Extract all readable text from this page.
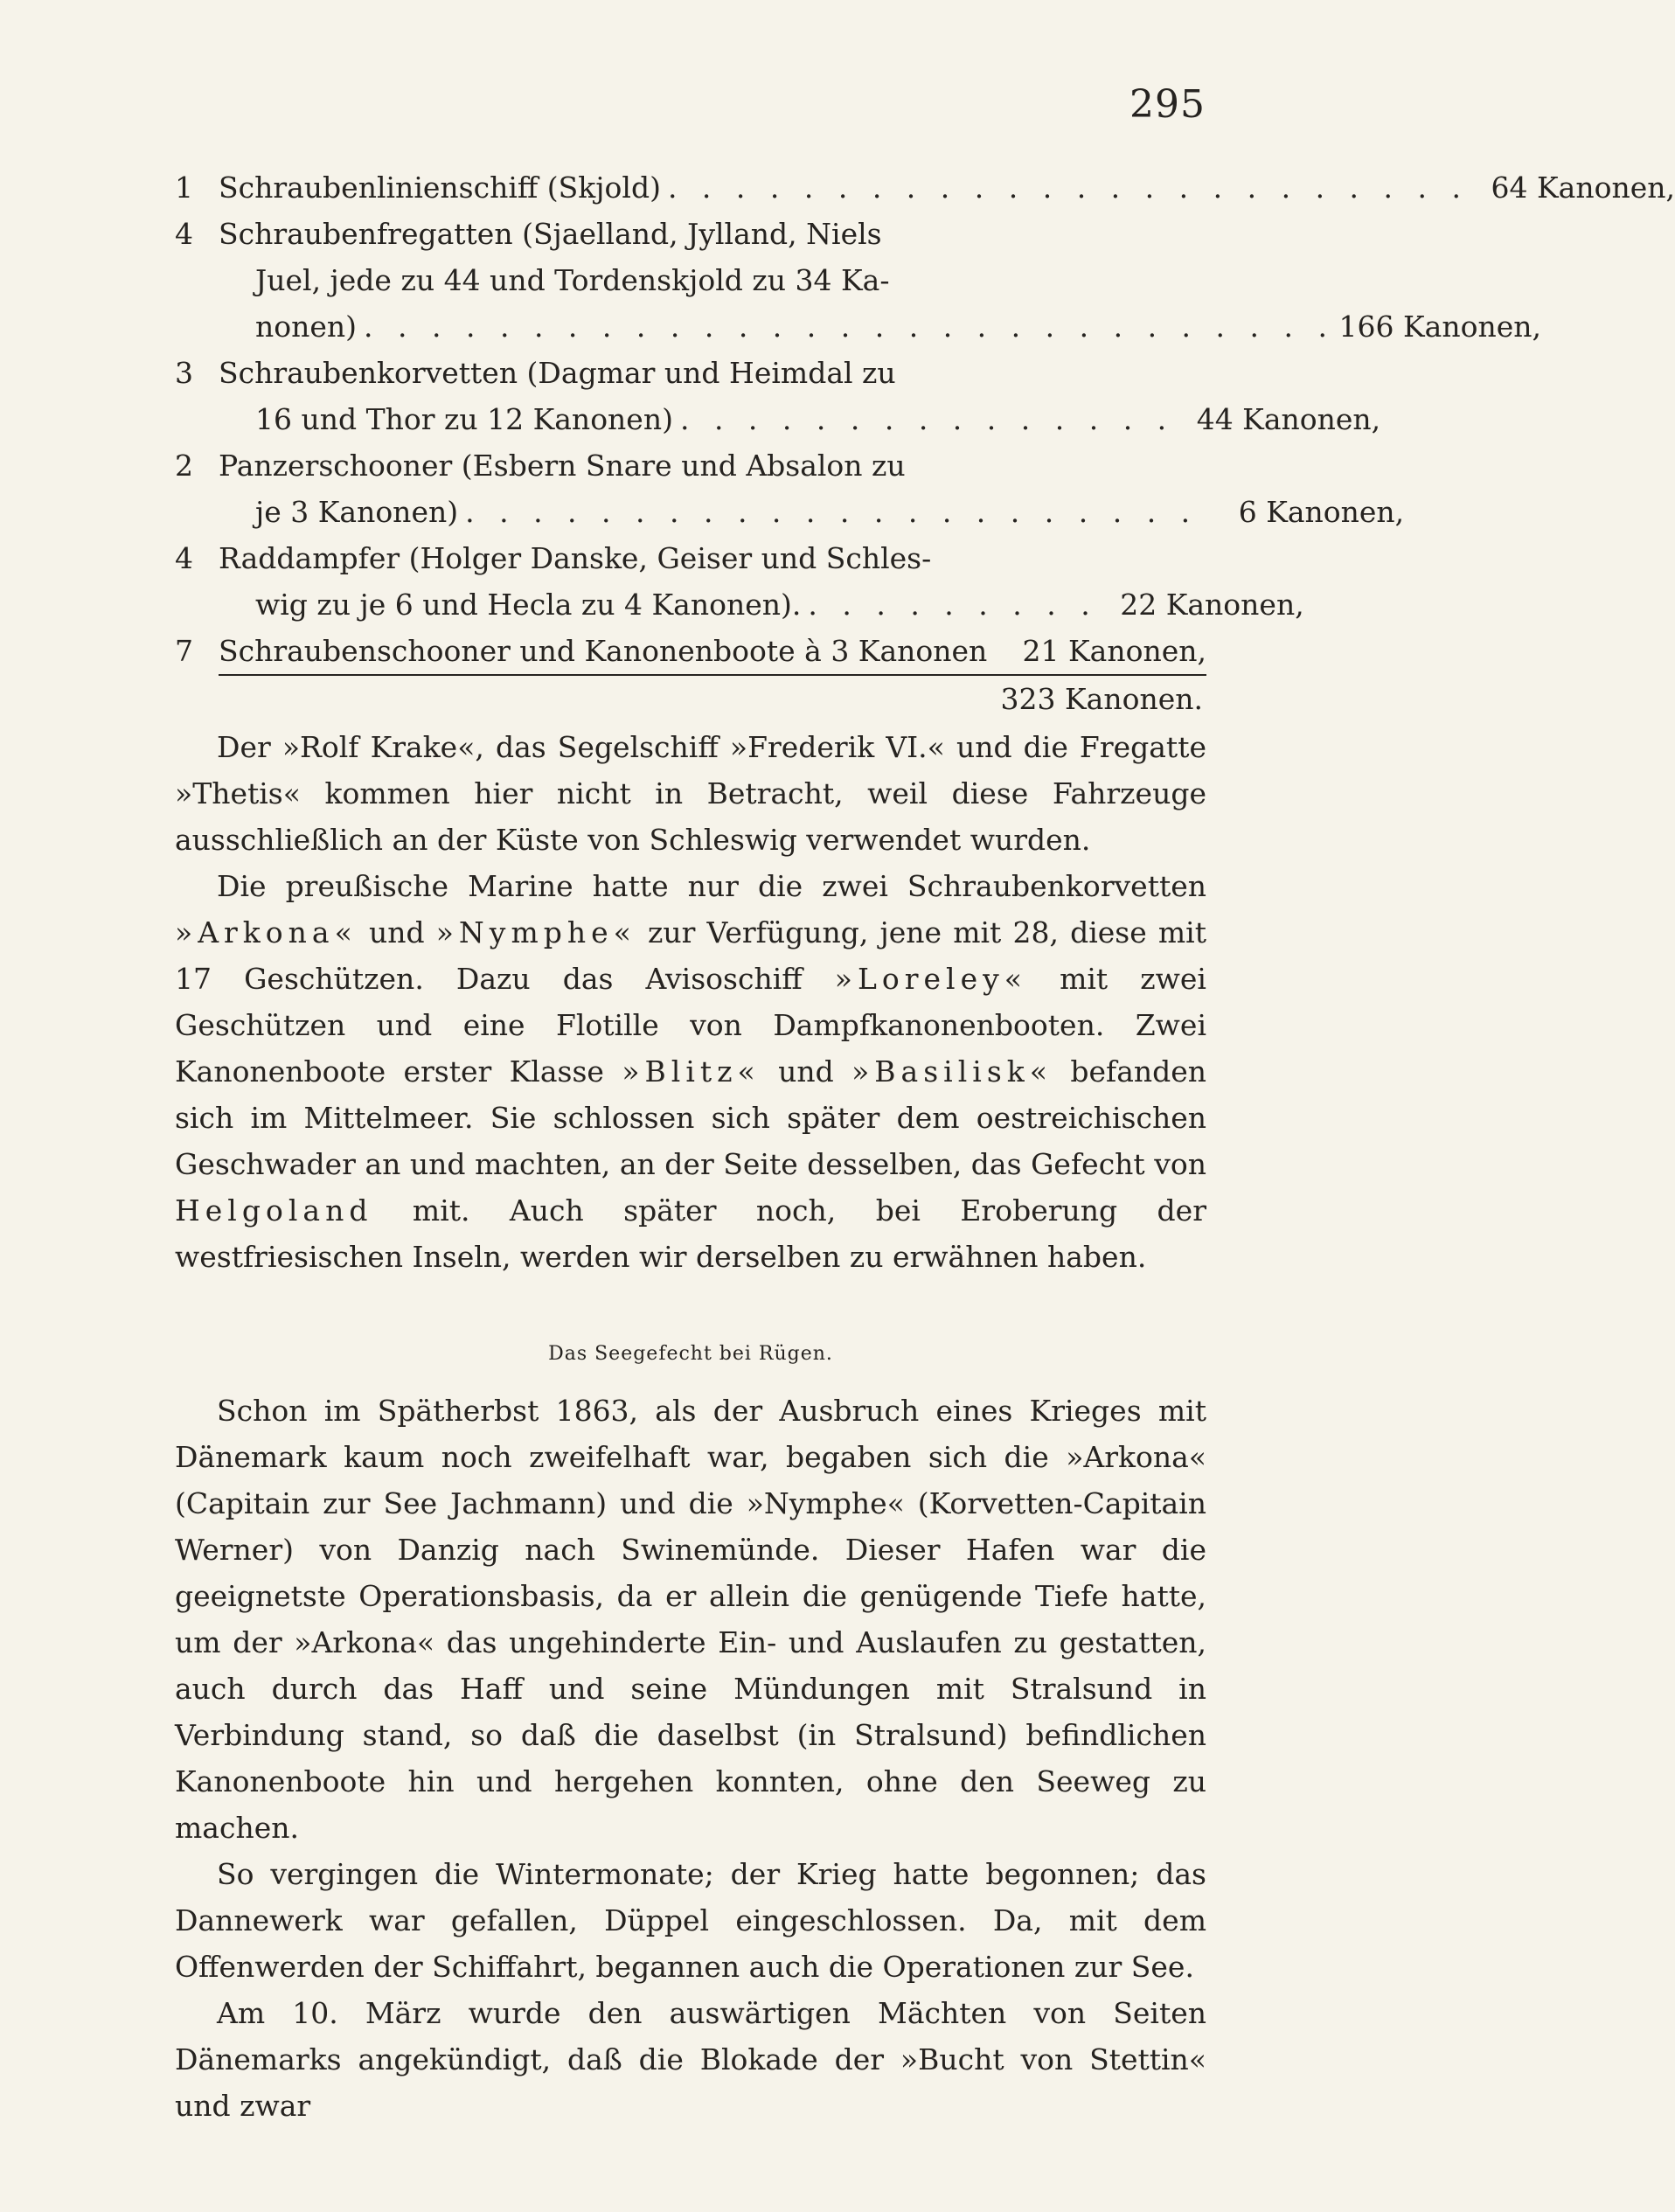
295
1 Schraubenlinienschiff (Skjold) . . . . . . . . . . . . . . . . . . . . . . . . 64 Kanonen,
4 Schraubenfregatten (Sjaelland, Jylland, Niels
Juel, jede zu 44 und Tordenskjold zu 34 Ka-
nonen) . . . . . . . . . . . . . . . . . . . . . . . . . . . . . 166 Kanonen,
3 Schraubenkorvetten (Dagmar und Heimdal zu
16 und Thor zu 12 Kanonen) . . . . . . . . . . . . . . . 44 Kanonen,
2 Panzerschooner (Esbern Snare und Absalon zu
je 3 Kanonen) . . . . . . . . . . . . . . . . . . . . . .	6 Kanonen,
4 Raddampfer (Holger Danske, Geiser und Schles-
wig zu je 6 und Hecla zu 4 Kanonen). . . . . . . . . . 22 Kanonen,
7 Schraubenschooner und Kanonenboote à 3 Kanonen	21 Kanonen,
323 Kanonen.

Der »Rolf Krake«, das Segelschiff »Frederik VI.« und die Fregatte »Thetis« kommen hier nicht in Betracht, weil diese Fahrzeuge ausschließlich an der Küste von Schleswig verwendet wurden.

Die preußische Marine hatte nur die zwei Schraubenkorvetten »Arkona« und »Nymphe« zur Verfügung, jene mit 28, diese mit 17 Geschützen. Dazu das Avisoschiff »Loreley« mit zwei Geschützen und eine Flotille von Dampfkanonenbooten. Zwei Kanonenboote erster Klasse »Blitz« und »Basilisk« befanden sich im Mittelmeer. Sie schlossen sich später dem oestreichischen Geschwader an und machten, an der Seite desselben, das Gefecht von Helgoland mit. Auch später noch, bei Eroberung der westfriesischen Inseln, werden wir derselben zu erwähnen haben.

Das Seegefecht bei Rügen.

Schon im Spätherbst 1863, als der Ausbruch eines Krieges mit Dänemark kaum noch zweifelhaft war, begaben sich die »Arkona« (Capitain zur See Jachmann) und die »Nymphe« (Korvetten-Capitain Werner) von Danzig nach Swinemünde. Dieser Hafen war die geeignetste Operationsbasis, da er allein die genügende Tiefe hatte, um der »Arkona« das ungehinderte Ein- und Auslaufen zu gestatten, auch durch das Haff und seine Mündungen mit Stralsund in Verbindung stand, so daß die daselbst (in Stralsund) befindlichen Kanonenboote hin und hergehen konnten, ohne den Seeweg zu machen.

So vergingen die Wintermonate; der Krieg hatte begonnen; das Dannewerk war gefallen, Düppel eingeschlossen. Da, mit dem Offenwerden der Schiffahrt, begannen auch die Operationen zur See.

Am 10. März wurde den auswärtigen Mächten von Seiten Dänemarks angekündigt, daß die Blokade der »Bucht von Stettin« und zwar
